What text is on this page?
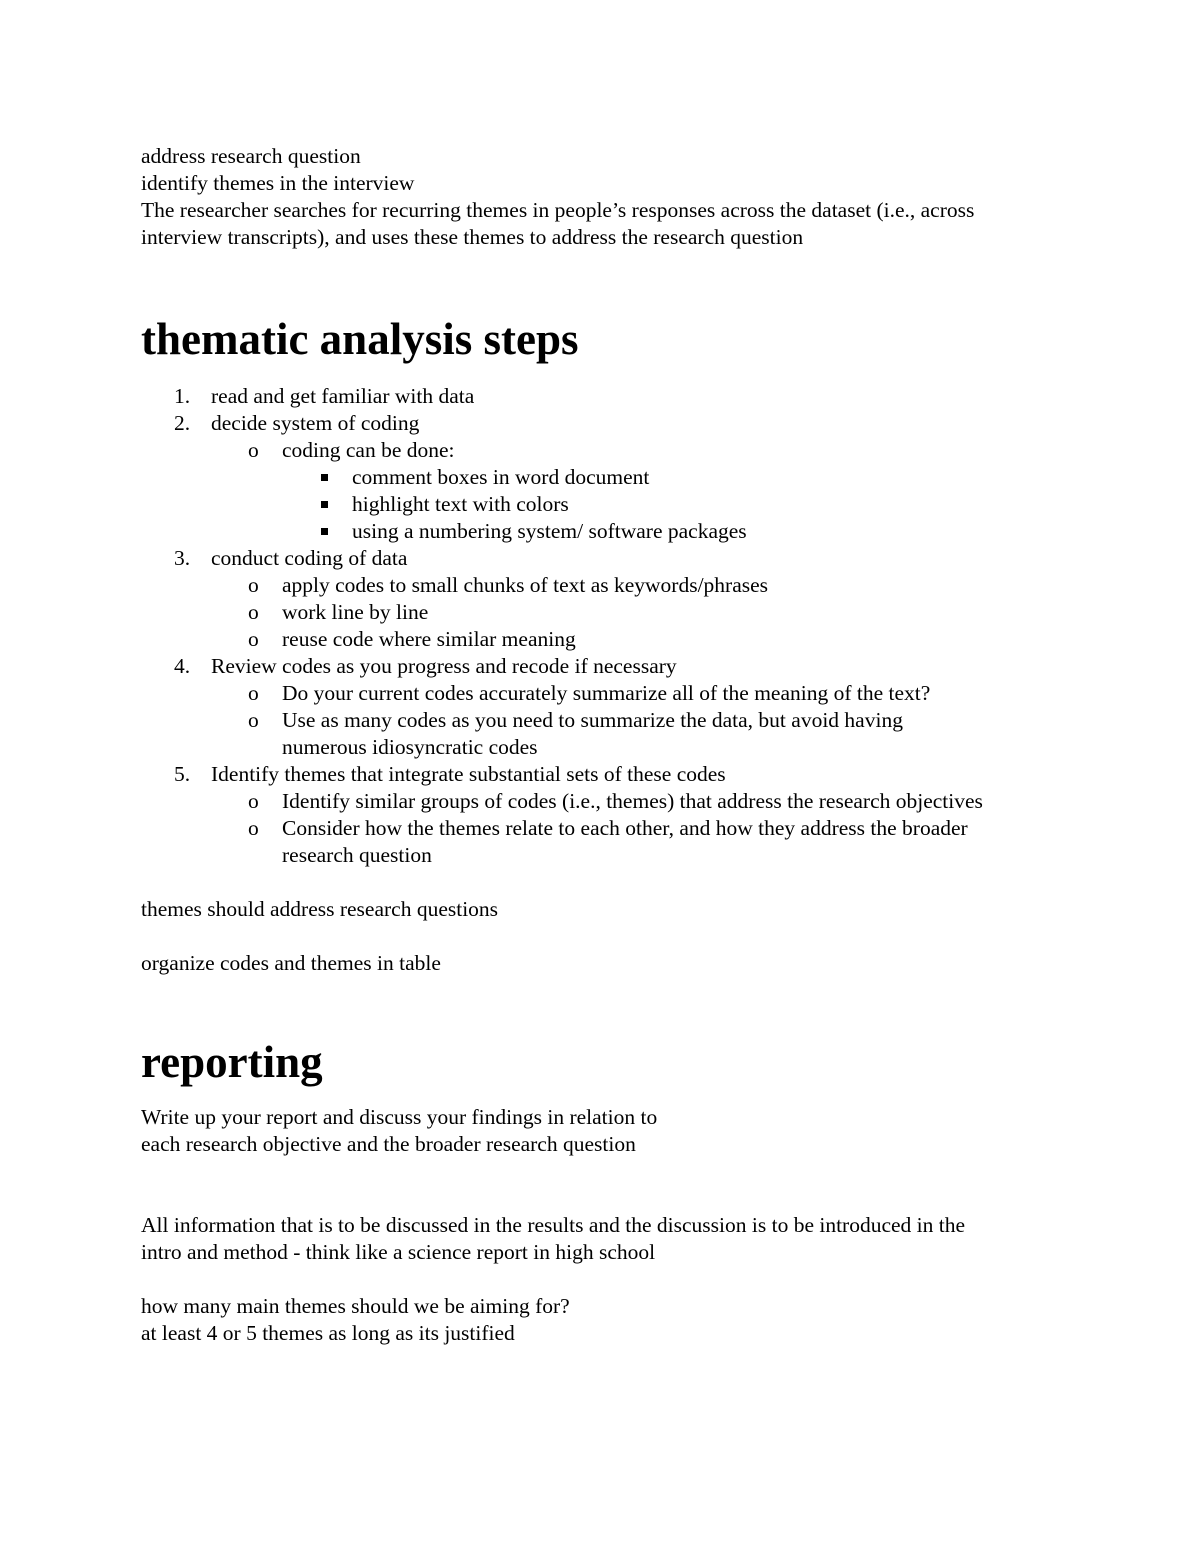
address research question
identify themes in the interview
The researcher searches for recurring themes in people’s responses across the dataset (i.e., across
interview transcripts), and uses these themes to address the research question

thematic analysis steps
1. read and get familiar with data
2. decide system of coding
o coding can be done:
comment boxes in word document
highlight text with colors
using a numbering system/ software packages
3. conduct coding of data
o apply codes to small chunks of text as keywords/phrases
o work line by line
o reuse code where similar meaning
4. Review codes as you progress and recode if necessary
o Do your current codes accurately summarize all of the meaning of the text?
o Use as many codes as you need to summarize the data, but avoid having
numerous idiosyncratic codes
5. Identify themes that integrate substantial sets of these codes
o Identify similar groups of codes (i.e., themes) that address the research objectives
o Consider how the themes relate to each other, and how they address the broader
research question

themes should address research questions

organize codes and themes in table

reporting

Write up your report and discuss your findings in relation to
each research objective and the broader research question

All information that is to be discussed in the results and the discussion is to be introduced in the
intro and method - think like a science report in high school

how many main themes should we be aiming for?
at least 4 or 5 themes as long as its justified
